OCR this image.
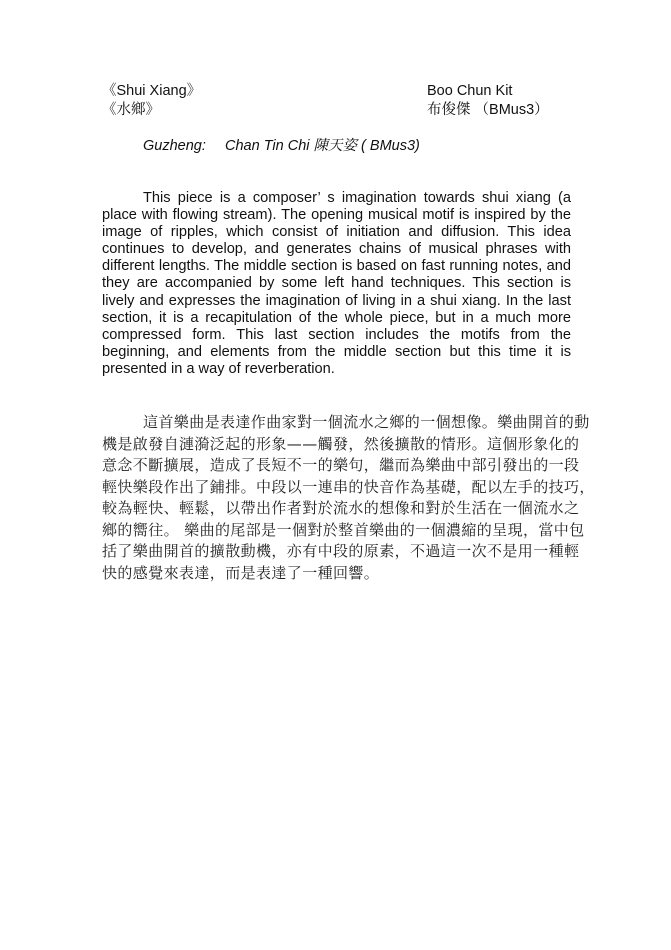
《Shui Xiang》
《水鄉》
Boo Chun Kit
布俊傑 （BMus3）
Guzheng: Chan Tin Chi 陳天姿 ( BMus3)

This piece is a composer’ s imagination towards shui xiang (a place with flowing stream). The opening musical motif is inspired by the image of ripples, which consist of initiation and diffusion. This idea continues to develop, and generates chains of musical phrases with different lengths. The middle section is based on fast running notes, and they are accompanied by some left hand techniques. This section is lively and expresses the imagination of living in a shui xiang. In the last section, it is a recapitulation of the whole piece, but in a much more compressed form. This last section includes the motifs from the beginning, and elements from the middle section but this time it is presented in a way of reverberation.

這首樂曲是表達作曲家對一個流水之鄉的一個想像。樂曲開首的動
機是啟發自漣漪泛起的形象——觸發，然後擴散的情形。這個形象化的
意念不斷擴展，造成了長短不一的樂句，繼而為樂曲中部引發出的一段
輕快樂段作出了鋪排。中段以一連串的快音作為基礎，配以左手的技巧，
較為輕快、輕鬆，以帶出作者對於流水的想像和對於生活在一個流水之
鄉的嚮往。 樂曲的尾部是一個對於整首樂曲的一個濃縮的呈現，當中包
括了樂曲開首的擴散動機，亦有中段的原素，不過這一次不是用一種輕
快的感覺來表達，而是表達了一種回響。
